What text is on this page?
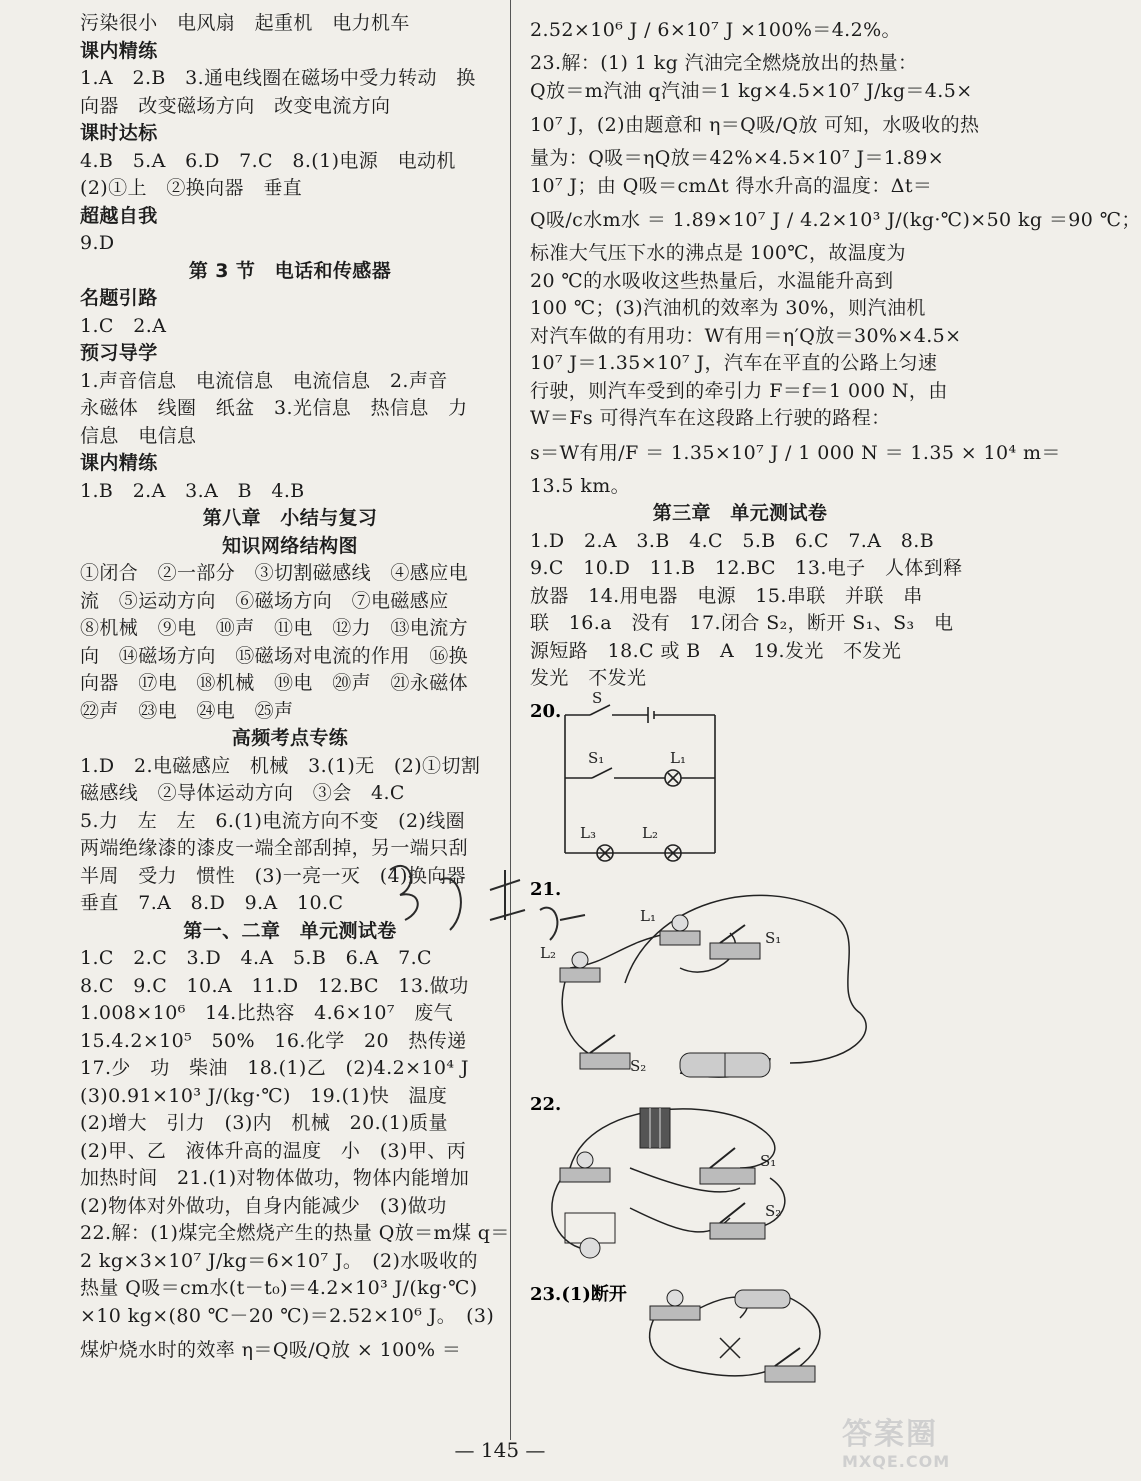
污染很小　电风扇　起重机　电力机车
课内精练
1.A　2.B　3.通电线圈在磁场中受力转动　换
向器　改变磁场方向　改变电流方向
课时达标
4.B　5.A　6.D　7.C　8.(1)电源　电动机
(2)①上　②换向器　垂直
超越自我
9.D
第 3 节　电话和传感器
名题引路
1.C　2.A
预习导学
1.声音信息　电流信息　电流信息　2.声音
永磁体　线圈　纸盆　3.光信息　热信息　力
信息　电信息
课内精练
1.B　2.A　3.A　B　4.B
第八章　小结与复习
知识网络结构图
①闭合　②一部分　③切割磁感线　④感应电
流　⑤运动方向　⑥磁场方向　⑦电磁感应
⑧机械　⑨电　⑩声　⑪电　⑫力　⑬电流方
向　⑭磁场方向　⑮磁场对电流的作用　⑯换
向器　⑰电　⑱机械　⑲电　⑳声　㉑永磁体
㉒声　㉓电　㉔电　㉕声
高频考点专练
1.D　2.电磁感应　机械　3.(1)无　(2)①切割
磁感线　②导体运动方向　③会　4.C
5.力　左　左　6.(1)电流方向不变　(2)线圈
两端绝缘漆的漆皮一端全部刮掉，另一端只刮
半周　受力　惯性　(3)一亮一灭　(4)换向器
垂直　7.A　8.D　9.A　10.C
第一、二章　单元测试卷
1.C　2.C　3.D　4.A　5.B　6.A　7.C
8.C　9.C　10.A　11.D　12.BC　13.做功
1.008×10⁶　14.比热容　4.6×10⁷　废气
15.4.2×10⁵　50%　16.化学　20　热传递
17.少　功　柴油　18.(1)乙　(2)4.2×10⁴ J
(3)0.91×10³ J/(kg·℃)　19.(1)快　温度
(2)增大　引力　(3)内　机械　20.(1)质量
(2)甲、乙　液体升高的温度　小　(3)甲、丙
加热时间　21.(1)对物体做功，物体内能增加
(2)物体对外做功，自身内能减少　(3)做功
22.解：(1)煤完全燃烧产生的热量 Q放＝m煤 q＝
2 kg×3×10⁷ J/kg＝6×10⁷ J。　(2)水吸收的
热量 Q吸＝cm水(t－t₀)＝4.2×10³ J/(kg·℃)
×10 kg×(80 ℃－20 ℃)＝2.52×10⁶ J。　(3)
煤炉烧水时的效率 η＝Q吸/Q放 × 100% ＝
2.52×10⁶ J / 6×10⁷ J ×100%＝4.2%。
23.解：(1) 1 kg 汽油完全燃烧放出的热量：
Q放＝m汽油 q汽油＝1 kg×4.5×10⁷ J/kg＝4.5×
10⁷ J，(2)由题意和 η＝Q吸/Q放 可知，水吸收的热
量为：Q吸＝ηQ放＝42%×4.5×10⁷ J＝1.89×
10⁷ J；由 Q吸＝cmΔt 得水升高的温度：Δt＝
Q吸/c水m水 ＝ 1.89×10⁷ J / 4.2×10³ J/(kg·℃)×50 kg ＝90 ℃；
标准大气压下水的沸点是 100℃，故温度为
20 ℃的水吸收这些热量后，水温能升高到
100 ℃；(3)汽油机的效率为 30%，则汽油机
对汽车做的有用功：W有用＝η′Q放＝30%×4.5×
10⁷ J＝1.35×10⁷ J，汽车在平直的公路上匀速
行驶，则汽车受到的牵引力 F＝f＝1 000 N，由
W＝Fs 可得汽车在这段路上行驶的路程：
s＝W有用/F ＝ 1.35×10⁷ J / 1 000 N ＝ 1.35 × 10⁴ m＝
13.5 km。
第三章　单元测试卷
1.D　2.A　3.B　4.C　5.B　6.C　7.A　8.B
9.C　10.D　11.B　12.BC　13.电子　人体到释
放器　14.用电器　电源　15.串联　并联　串
联　16.a　没有　17.闭合 S₂，断开 S₁、S₃　电
源短路　18.C 或 B　A　19.发光　不发光
发光　不发光
20.
S
S₁	L₁
L₃	L₂
21.
L₁
L₂
S₁
S₂
22.
S₁
S₂
23.(1)断开
— 145 —	答案圈
MXQE.COM
